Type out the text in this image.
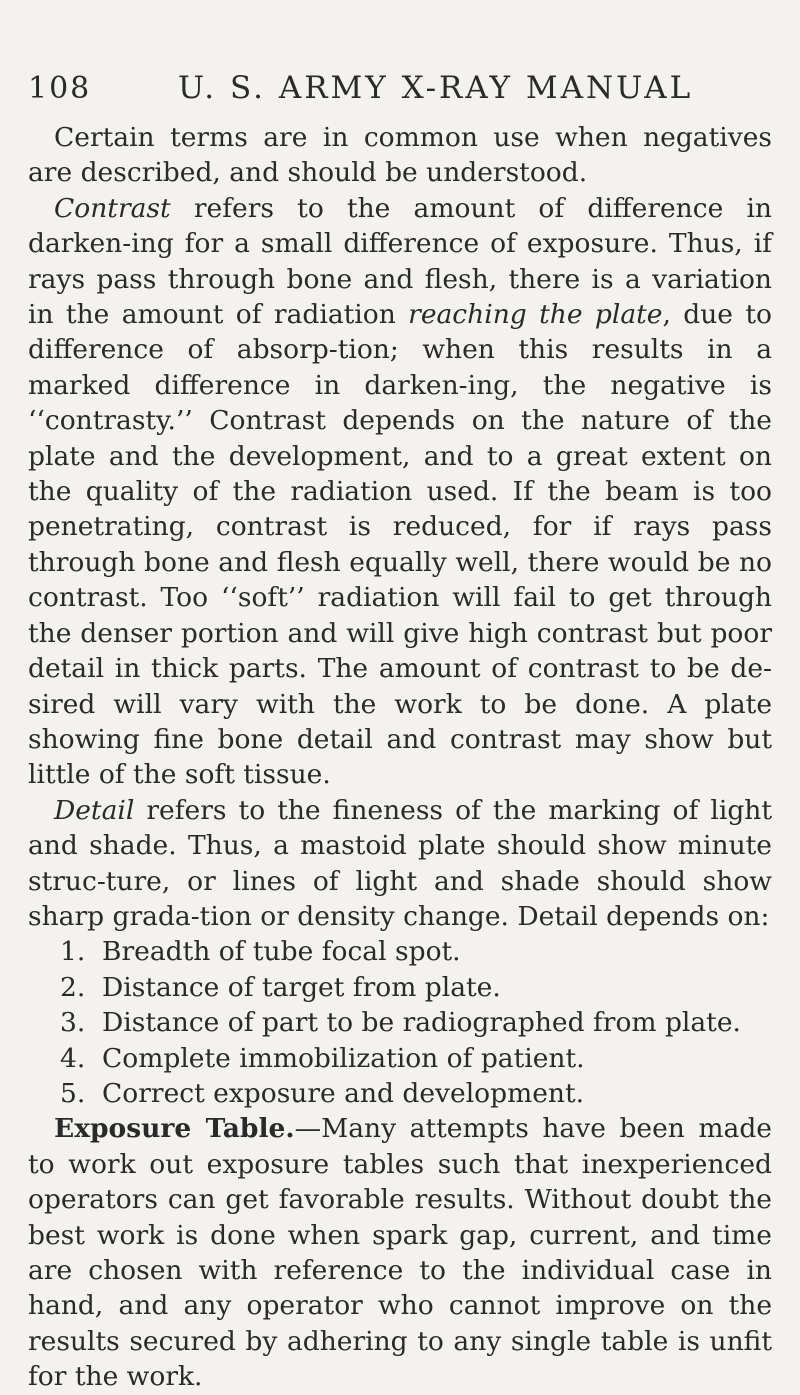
108	U. S. ARMY X-RAY MANUAL

Certain terms are in common use when negatives are described, and should be understood.

Contrast refers to the amount of difference in darken-ing for a small difference of exposure. Thus, if rays pass through bone and flesh, there is a variation in the amount of radiation reaching the plate, due to difference of absorp-tion; when this results in a marked difference in darken-ing, the negative is ‘‘contrasty.’’ Contrast depends on the nature of the plate and the development, and to a great extent on the quality of the radiation used. If the beam is too penetrating, contrast is reduced, for if rays pass through bone and flesh equally well, there would be no contrast. Too ‘‘soft’’ radiation will fail to get through the denser portion and will give high contrast but poor detail in thick parts. The amount of contrast to be de-sired will vary with the work to be done. A plate showing fine bone detail and contrast may show but little of the soft tissue.

Detail refers to the fineness of the marking of light and shade. Thus, a mastoid plate should show minute struc-ture, or lines of light and shade should show sharp grada-tion or density change. Detail depends on:

1. Breadth of tube focal spot.
2. Distance of target from plate.
3. Distance of part to be radiographed from plate.
4. Complete immobilization of patient.
5. Correct exposure and development.

Exposure Table.—Many attempts have been made to work out exposure tables such that inexperienced operators can get favorable results. Without doubt the best work is done when spark gap, current, and time are chosen with reference to the individual case in hand, and any operator who cannot improve on the results secured by adhering to any single table is unfit for the work.
